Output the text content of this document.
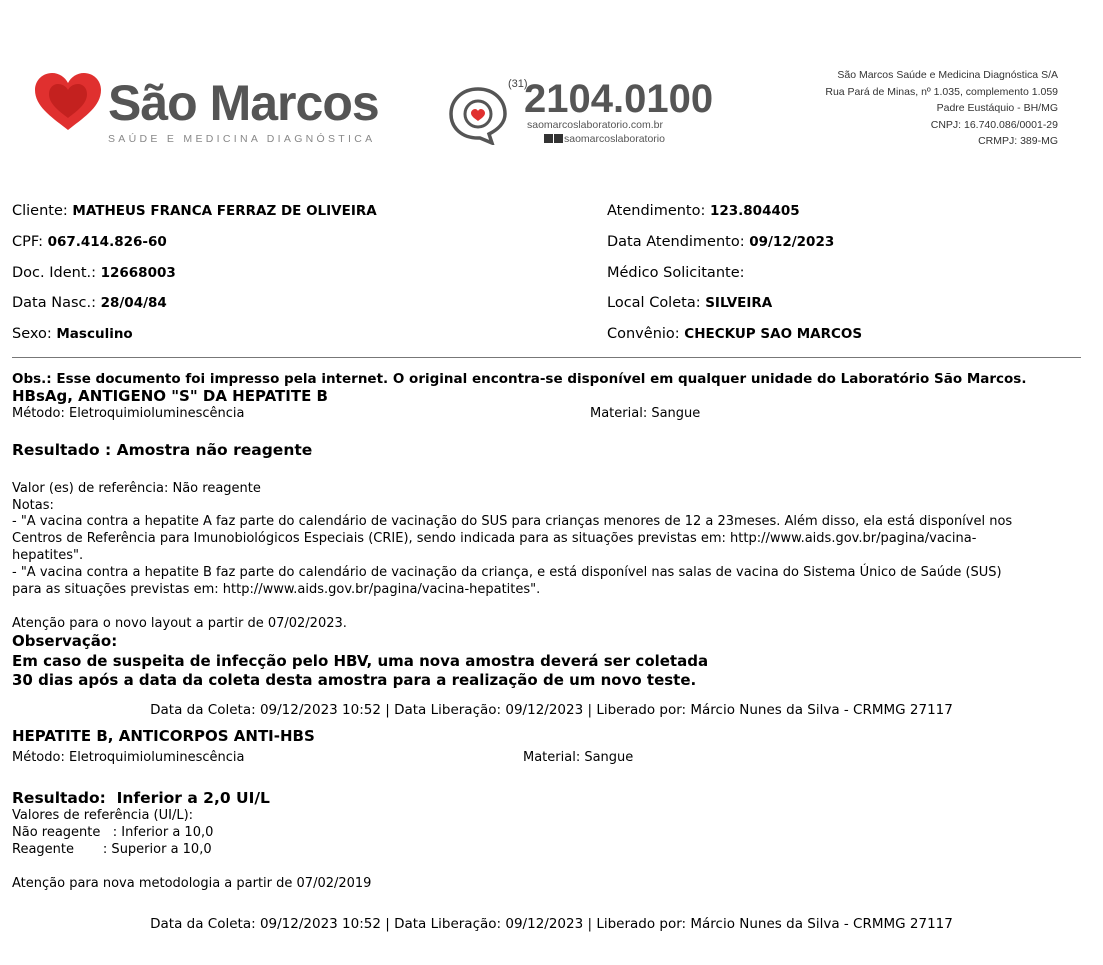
São Marcos
SAÚDE E MEDICINA DIAGNÓSTICA
(31)
2104.0100
saomarcoslaboratorio.com.br
saomarcoslaboratorio
São Marcos Saúde e Medicina Diagnóstica S/A
Rua Pará de Minas, nº 1.035, complemento 1.059
Padre Eustáquio - BH/MG
CNPJ: 16.740.086/0001-29
CRMPJ: 389-MG
Cliente: MATHEUS FRANCA FERRAZ DE OLIVEIRA
CPF: 067.414.826-60
Doc. Ident.: 12668003
Data Nasc.: 28/04/84
Sexo: Masculino
Atendimento: 123.804405
Data Atendimento: 09/12/2023
Médico Solicitante:
Local Coleta: SILVEIRA
Convênio: CHECKUP SAO MARCOS
Obs.: Esse documento foi impresso pela internet. O original encontra-se disponível em qualquer unidade do Laboratório São Marcos.
HBsAg, ANTIGENO "S" DA HEPATITE B
Método: Eletroquimioluminescência	Material: Sangue
Resultado : Amostra não reagente
Valor (es) de referência: Não reagente
Notas:
- "A vacina contra a hepatite A faz parte do calendário de vacinação do SUS para crianças menores de 12 a 23meses. Além disso, ela está disponível nos
Centros de Referência para Imunobiológicos Especiais (CRIE), sendo indicada para as situações previstas em: http://www.aids.gov.br/pagina/vacina-
hepatites".
- "A vacina contra a hepatite B faz parte do calendário de vacinação da criança, e está disponível nas salas de vacina do Sistema Único de Saúde (SUS)
para as situações previstas em: http://www.aids.gov.br/pagina/vacina-hepatites".
Atenção para o novo layout a partir de 07/02/2023.
Observação:
Em caso de suspeita de infecção pelo HBV, uma nova amostra deverá ser coletada
30 dias após a data da coleta desta amostra para a realização de um novo teste.
Data da Coleta: 09/12/2023 10:52 | Data Liberação: 09/12/2023 | Liberado por: Márcio Nunes da Silva - CRMMG 27117
HEPATITE B, ANTICORPOS ANTI-HBS
Método: Eletroquimioluminescência	Material: Sangue
Resultado:  Inferior a 2,0 UI/L
Valores de referência (UI/L):
Não reagente   : Inferior a 10,0
Reagente       : Superior a 10,0
Atenção para nova metodologia a partir de 07/02/2019
Data da Coleta: 09/12/2023 10:52 | Data Liberação: 09/12/2023 | Liberado por: Márcio Nunes da Silva - CRMMG 27117
